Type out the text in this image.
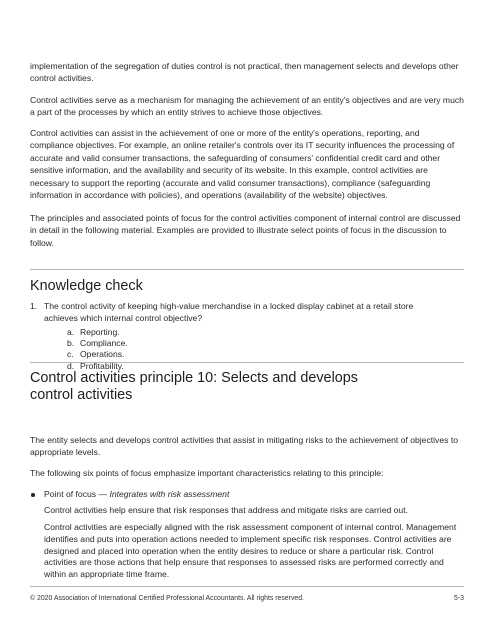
implementation of the segregation of duties control is not practical, then management selects and develops other control activities.

Control activities serve as a mechanism for managing the achievement of an entity's objectives and are very much a part of the processes by which an entity strives to achieve those objectives.

Control activities can assist in the achievement of one or more of the entity's operations, reporting, and compliance objectives. For example, an online retailer's controls over its IT security influences the processing of accurate and valid consumer transactions, the safeguarding of consumers' confidential credit card and other sensitive information, and the availability and security of its website. In this example, control activities are necessary to support the reporting (accurate and valid consumer transactions), compliance (safeguarding information in accordance with policies), and operations (availability of the website) objectives.

The principles and associated points of focus for the control activities component of internal control are discussed in detail in the following material. Examples are provided to illustrate select points of focus in the discussion to follow.

Knowledge check
1. The control activity of keeping high-value merchandise in a locked display cabinet at a retail store achieves which internal control objective?
a. Reporting.
b. Compliance.
c. Operations.
d. Profitability.
Control activities principle 10: Selects and develops control activities

The entity selects and develops control activities that assist in mitigating risks to the achievement of objectives to appropriate levels.

The following six points of focus emphasize important characteristics relating to this principle:

Point of focus — Integrates with risk assessment

Control activities help ensure that risk responses that address and mitigate risks are carried out.

Control activities are especially aligned with the risk assessment component of internal control. Management identifies and puts into operation actions needed to implement specific risk responses. Control activities are designed and placed into operation when the entity desires to reduce or share a particular risk. Control activities are those actions that help ensure that responses to assessed risks are performed correctly and within an appropriate time frame.

© 2020 Association of International Certified Professional Accountants. All rights reserved.	5-3
